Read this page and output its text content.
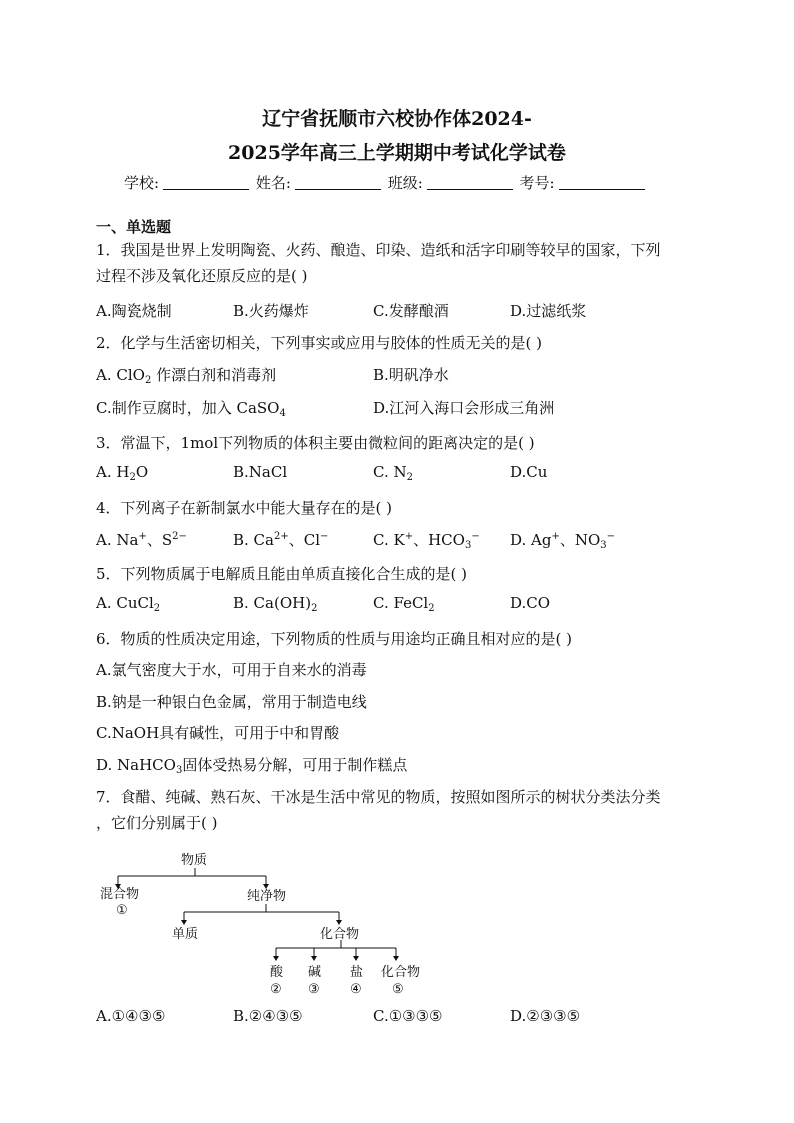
辽宁省抚顺市六校协作体2024-
2025学年高三上学期期中考试化学试卷
学校:	姓名:	班级:	考号:
一、单选题
1．我国是世界上发明陶瓷、火药、酿造、印染、造纸和活字印刷等较早的国家，下列
过程不涉及氧化还原反应的是( )
A.陶瓷烧制	B.火药爆炸	C.发酵酿酒	D.过滤纸浆
2．化学与生活密切相关，下列事实或应用与胶体的性质无关的是( )
A. ClO$_2$ 作漂白剂和消毒剂	B.明矾净水
C.制作豆腐时，加入 CaSO$_4$	D.江河入海口会形成三角洲
3．常温下，1mol下列物质的体积主要由微粒间的距离决定的是( )
A. $H_2O$	B.NaCl	C. $N_2$	D.Cu
4．下列离子在新制氯水中能大量存在的是( )
A. Na+、$S^{2-}$	B. $Ca^{2+}$、Cl−	C. K+、$HCO_3^-$ D. Ag+、$NO_3^-$
5．下列物质属于电解质且能由单质直接化合生成的是( )
A. CuCl$_2$	B. $Ca(OH)_2$	C. FeCl$_2$	D.CO
6．物质的性质决定用途，下列物质的性质与用途均正确且相对应的是( )
A.氯气密度大于水，可用于自来水的消毒
B.钠是一种银白色金属，常用于制造电线
C.NaOH具有碱性，可用于中和胃酸
D. NaHCO$_3$固体受热易分解，可用于制作糕点
7．食醋、纯碱、熟石灰、干冰是生活中常见的物质，按照如图所示的树状分类法分类
，它们分别属于( )
物质
混合物
①
纯净物
单质	化合物
酸
②
碱
③
盐
④
化合物
⑤
A.①④③⑤	B.②④③⑤	C.①③③⑤	D.②③③⑤
